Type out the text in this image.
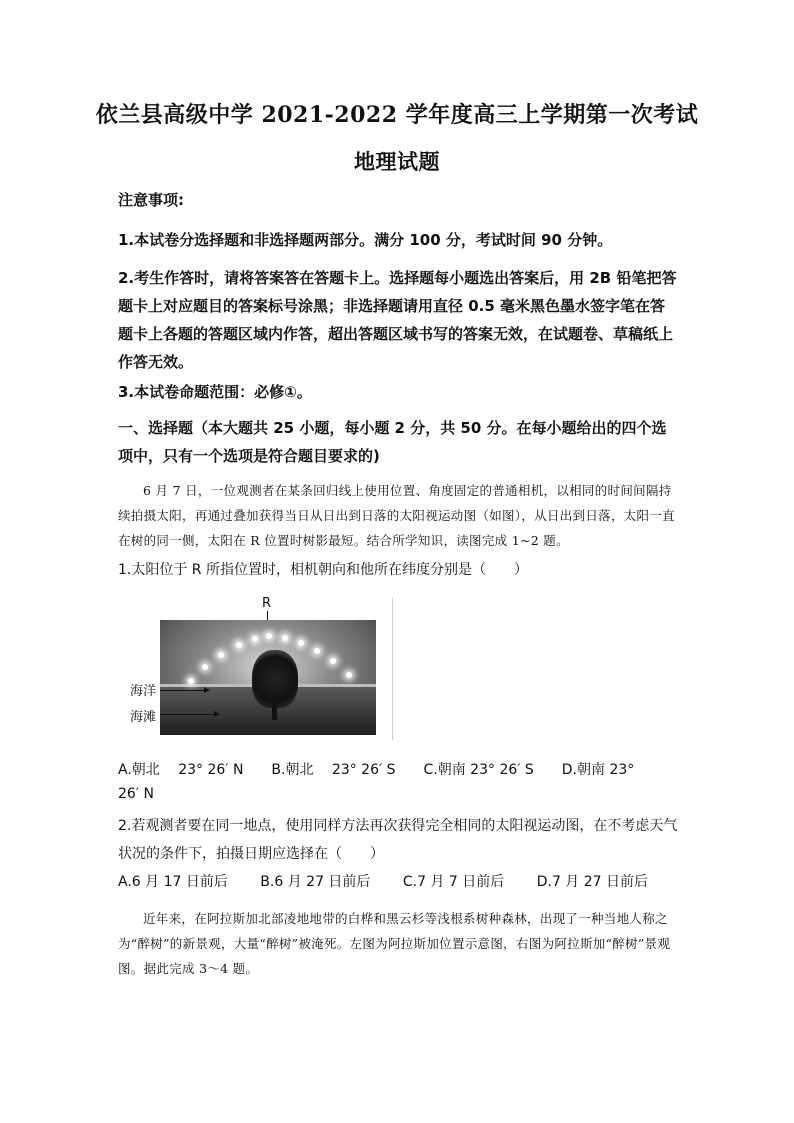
依兰县高级中学 2021-2022 学年度高三上学期第一次考试
地理试题
注意事项:
1.本试卷分选择题和非选择题两部分。满分 100 分，考试时间 90 分钟。
2.考生作答时，请将答案答在答题卡上。选择题每小题选出答案后，用 2B 铅笔把答题卡上对应题目的答案标号涂黑；非选择题请用直径 0.5 毫米黑色墨水签字笔在答题卡上各题的答题区域内作答，超出答题区域书写的答案无效，在试题卷、草稿纸上作答无效。
3.本试卷命题范围：必修①。
一、选择题（本大题共 25 小题，每小题 2 分，共 50 分。在每小题给出的四个选项中，只有一个选项是符合题目要求的)
6 月 7 日，一位观测者在某条回归线上使用位置、角度固定的普通相机，以相同的时间间隔持续拍摄太阳，再通过叠加获得当日从日出到日落的太阳视运动图（如图），从日出到日落，太阳一直在树的同一侧，太阳在 R 位置时树影最短。结合所学知识，读图完成 1~2 题。
1.太阳位于 R 所指位置时，相机朝向和他所在纬度分别是（　　）
R
海洋
海滩
A.朝北　 23° 26′ N　　B.朝北　 23° 26′ S　　C.朝南 23° 26′ S　　D.朝南 23°
26′ N
2.若观测者要在同一地点，使用同样方法再次获得完全相同的太阳视运动图，在不考虑天气状况的条件下，拍摄日期应选择在（　　）
A.6 月 17 日前后　　 B.6 月 27 日前后　　 C.7 月 7 日前后　　 D.7 月 27 日前后
近年来，在阿拉斯加北部凌地地带的白桦和黑云杉等浅根系树种森林，出现了一种当地人称之为“醉树”的新景观，大量“醉树”被淹死。左图为阿拉斯加位置示意图，右图为阿拉斯加“醉树”景观图。据此完成 3～4 题。
